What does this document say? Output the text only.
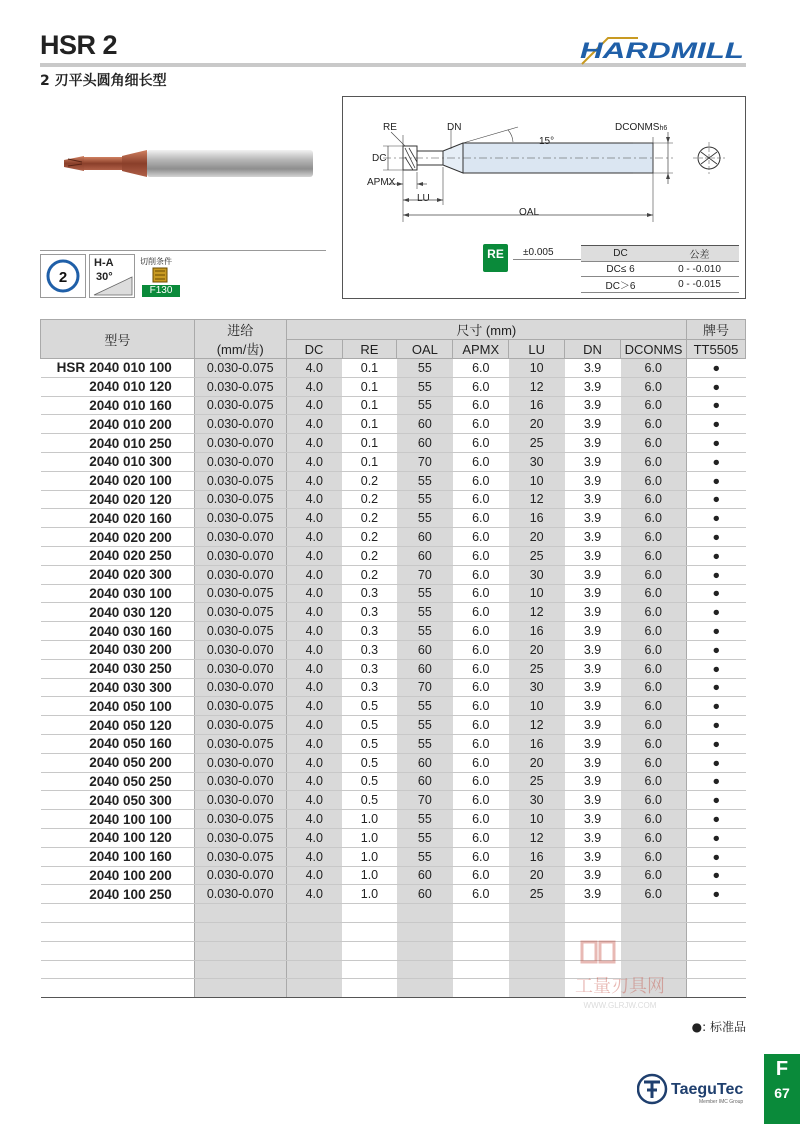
HSR 2
2 刃平头圆角细长型
HARDMILL
2
H-A
30°
切削条件
F130
RE	DN
DC
APMX
LU
OAL
15°
DCONMSh6
RE	±0.005	DC	公差
DC≤ 6	0 - -0.010
DC＞6	0 - -0.015

型号	进给
(mm/齿)	尺寸 (mm)							牌号
		DC	RE	OAL	APMX	LU	DN	DCONMS	TT5505
HSR 2040 010 100	0.030-0.075	4.0	0.1	55	6.0	10	3.9	6.0	●
2040 010 120	0.030-0.075	4.0	0.1	55	6.0	12	3.9	6.0	●
2040 010 160	0.030-0.075	4.0	0.1	55	6.0	16	3.9	6.0	●
2040 010 200	0.030-0.070	4.0	0.1	60	6.0	20	3.9	6.0	●
2040 010 250	0.030-0.070	4.0	0.1	60	6.0	25	3.9	6.0	●
2040 010 300	0.030-0.070	4.0	0.1	70	6.0	30	3.9	6.0	●
2040 020 100	0.030-0.075	4.0	0.2	55	6.0	10	3.9	6.0	●
2040 020 120	0.030-0.075	4.0	0.2	55	6.0	12	3.9	6.0	●
2040 020 160	0.030-0.075	4.0	0.2	55	6.0	16	3.9	6.0	●
2040 020 200	0.030-0.070	4.0	0.2	60	6.0	20	3.9	6.0	●
2040 020 250	0.030-0.070	4.0	0.2	60	6.0	25	3.9	6.0	●
2040 020 300	0.030-0.070	4.0	0.2	70	6.0	30	3.9	6.0	●
2040 030 100	0.030-0.075	4.0	0.3	55	6.0	10	3.9	6.0	●
2040 030 120	0.030-0.075	4.0	0.3	55	6.0	12	3.9	6.0	●
2040 030 160	0.030-0.075	4.0	0.3	55	6.0	16	3.9	6.0	●
2040 030 200	0.030-0.070	4.0	0.3	60	6.0	20	3.9	6.0	●
2040 030 250	0.030-0.070	4.0	0.3	60	6.0	25	3.9	6.0	●
2040 030 300	0.030-0.070	4.0	0.3	70	6.0	30	3.9	6.0	●
2040 050 100	0.030-0.075	4.0	0.5	55	6.0	10	3.9	6.0	●
2040 050 120	0.030-0.075	4.0	0.5	55	6.0	12	3.9	6.0	●
2040 050 160	0.030-0.075	4.0	0.5	55	6.0	16	3.9	6.0	●
2040 050 200	0.030-0.070	4.0	0.5	60	6.0	20	3.9	6.0	●
2040 050 250	0.030-0.070	4.0	0.5	60	6.0	25	3.9	6.0	●
2040 050 300	0.030-0.070	4.0	0.5	70	6.0	30	3.9	6.0	●
2040 100 100	0.030-0.075	4.0	1.0	55	6.0	10	3.9	6.0	●
2040 100 120	0.030-0.075	4.0	1.0	55	6.0	12	3.9	6.0	●
2040 100 160	0.030-0.075	4.0	1.0	55	6.0	16	3.9	6.0	●
2040 100 200	0.030-0.070	4.0	1.0	60	6.0	20	3.9	6.0	●
2040 100 250	0.030-0.070	4.0	1.0	60	6.0	25	3.9	6.0	●

●: 标准品
工量刃具网
WWW.GLRJW.COM
TaeguTec
Member IMC Group
F
67
